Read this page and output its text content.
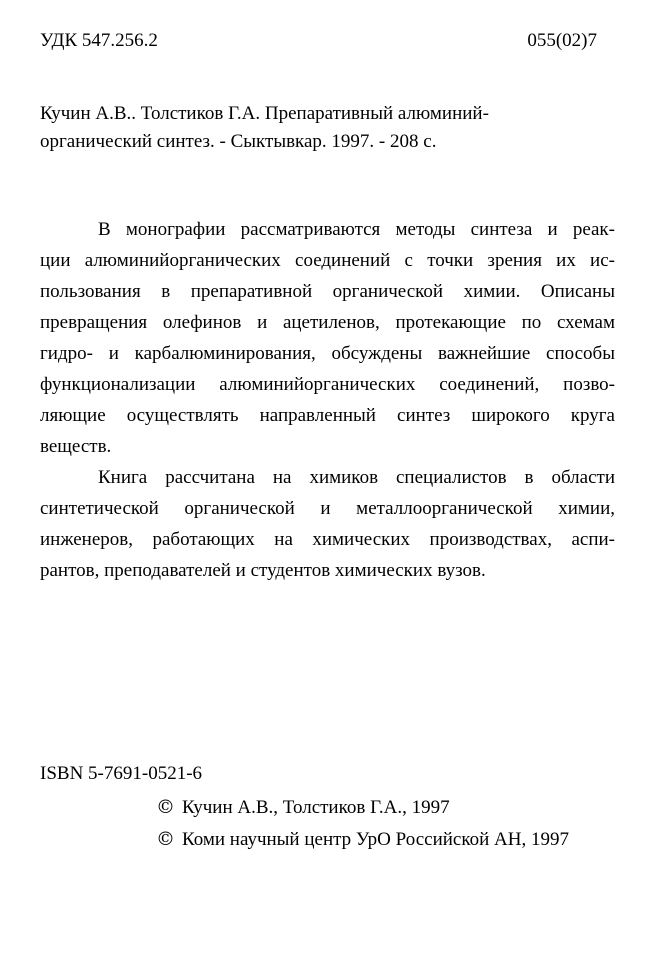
УДК 547.256.2	055(02)7
Кучин А.В.. Толстиков Г.А. Препаративный алюминий-
органический синтез. - Сыктывкар. 1997. - 208 с.
В монографии рассматриваются методы синтеза и реак-
ции алюминийорганических соединений с точки зрения их ис-
пользования в препаративной органической химии. Описаны
превращения олефинов и ацетиленов, протекающие по схемам
гидро- и карбалюминирования, обсуждены важнейшие способы
функционализации алюминийорганических соединений, позво-
ляющие осуществлять направленный синтез широкого круга
веществ.
Книга рассчитана на химиков специалистов в области
синтетической органической и металлоорганической химии,
инженеров, работающих на химических производствах, аспи-
рантов, преподавателей и студентов химических вузов.
ISBN 5-7691-0521-6
© Кучин А.В., Толстиков Г.А., 1997
© Коми научный центр УрО Российской АН, 1997
